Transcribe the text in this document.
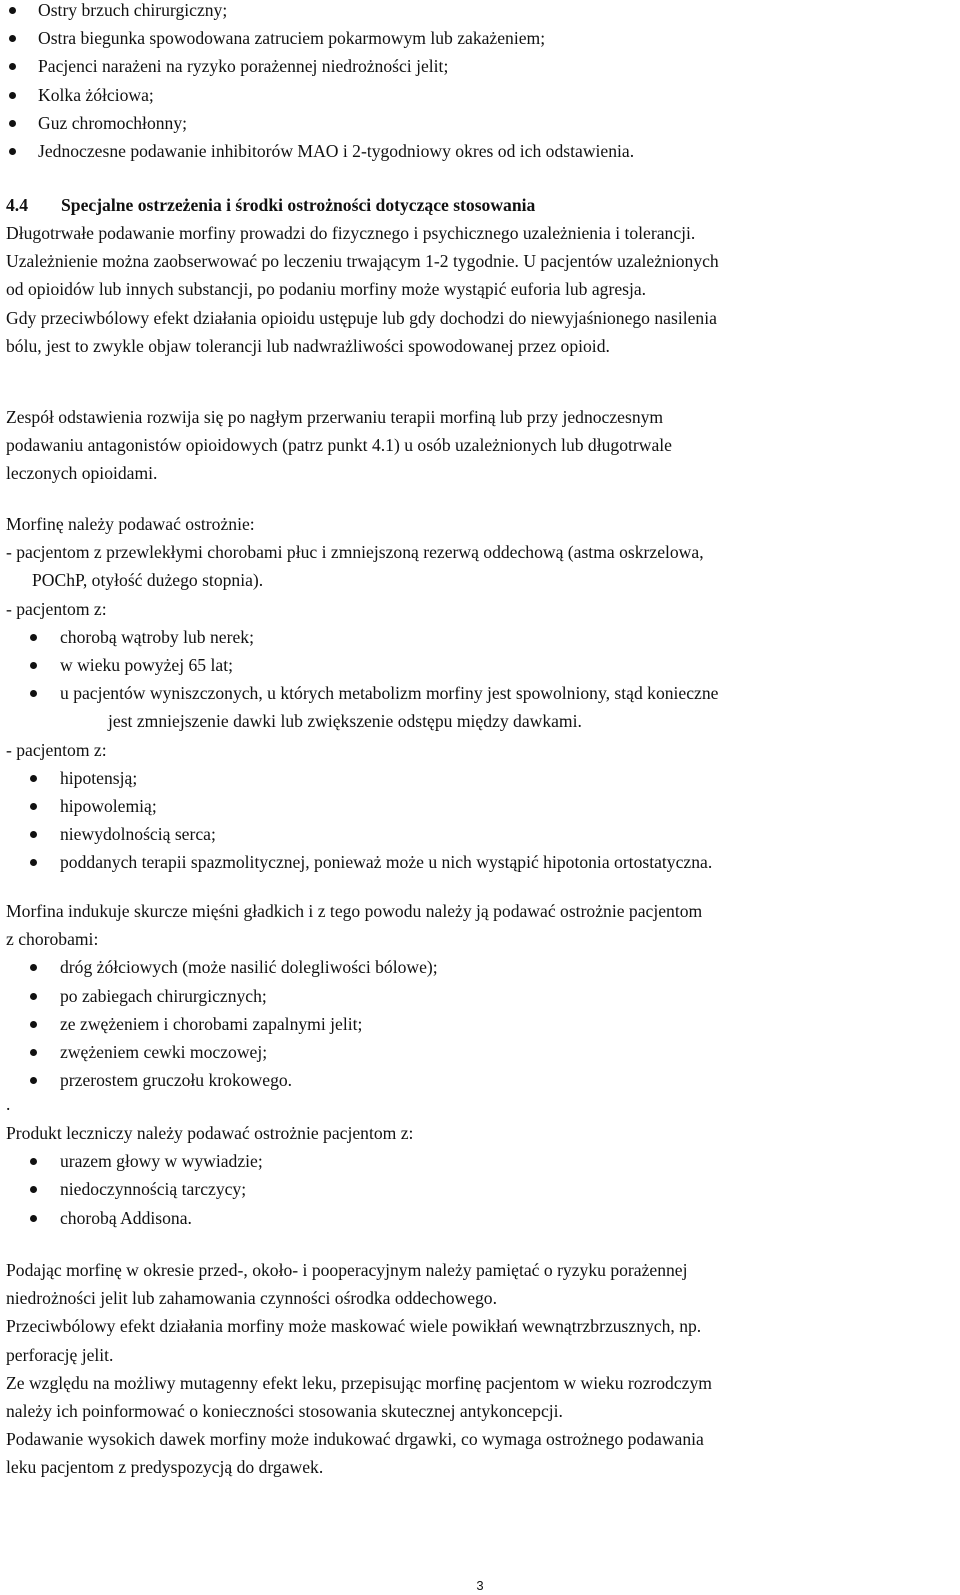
Ostry brzuch chirurgiczny;
Ostra biegunka spowodowana zatruciem pokarmowym lub zakażeniem;
Pacjenci narażeni na ryzyko porażennej niedrożności jelit;
Kolka żółciowa;
Guz chromochłonny;
Jednoczesne podawanie inhibitorów MAO i 2-tygodniowy okres od ich odstawienia.
4.4 Specjalne ostrzeżenia i środki ostrożności dotyczące stosowania
Długotrwałe podawanie morfiny prowadzi do fizycznego i psychicznego uzależnienia i tolerancji.
Uzależnienie można zaobserwować po leczeniu trwającym 1-2 tygodnie. U pacjentów uzależnionych
od opioidów lub innych substancji, po podaniu morfiny może wystąpić euforia lub agresja.
Gdy przeciwbólowy efekt działania opioidu ustępuje lub gdy dochodzi do niewyjaśnionego nasilenia
bólu, jest to zwykle objaw tolerancji lub nadwrażliwości spowodowanej przez opioid.
Zespół odstawienia rozwija się po nagłym przerwaniu terapii morfiną lub przy jednoczesnym
podawaniu antagonistów opioidowych (patrz punkt 4.1) u osób uzależnionych lub długotrwale
leczonych opioidami.
Morfinę należy podawać ostrożnie:
- pacjentom z przewlekłymi chorobami płuc i zmniejszoną rezerwą oddechową (astma oskrzelowa,
POChP, otyłość dużego stopnia).
- pacjentom z:
chorobą wątroby lub nerek;
w wieku powyżej 65 lat;
u pacjentów wyniszczonych, u których metabolizm morfiny jest spowolniony, stąd konieczne
jest zmniejszenie dawki lub zwiększenie odstępu między dawkami.
- pacjentom z:
hipotensją;
hipowolemią;
niewydolnością serca;
poddanych terapii spazmolitycznej, ponieważ może u nich wystąpić hipotonia ortostatyczna.
Morfina indukuje skurcze mięśni gładkich i z tego powodu należy ją podawać ostrożnie pacjentom
z chorobami:
dróg żółciowych (może nasilić dolegliwości bólowe);
po zabiegach chirurgicznych;
ze zwężeniem i chorobami zapalnymi jelit;
zwężeniem cewki moczowej;
przerostem gruczołu krokowego.
.
Produkt leczniczy należy podawać ostrożnie pacjentom z:
urazem głowy w wywiadzie;
niedoczynnością tarczycy;
chorobą Addisona.
Podając morfinę w okresie przed-, około- i pooperacyjnym należy pamiętać o ryzyku porażennej
niedrożności jelit lub zahamowania czynności ośrodka oddechowego.
Przeciwbólowy efekt działania morfiny może maskować wiele powikłań wewnątrzbrzusznych, np.
perforację jelit.
Ze względu na możliwy mutagenny efekt leku, przepisując morfinę pacjentom w wieku rozrodczym
należy ich poinformować o konieczności stosowania skutecznej antykoncepcji.
Podawanie wysokich dawek morfiny może indukować drgawki, co wymaga ostrożnego podawania
leku pacjentom z predyspozycją do drgawek.
3
